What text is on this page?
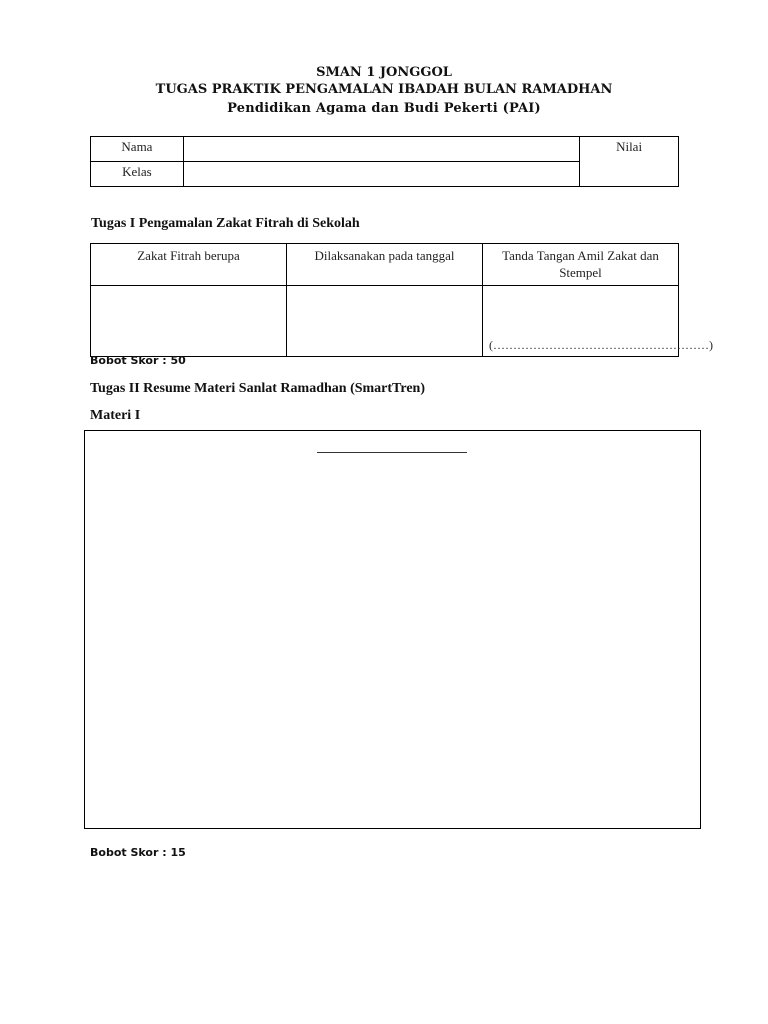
SMAN 1 JONGGOL
TUGAS PRAKTIK PENGAMALAN IBADAH BULAN RAMADHAN
Pendidikan Agama dan Budi Pekerti (PAI)
Nama		Nilai
Kelas		
Tugas I Pengamalan Zakat Fitrah di Sekolah
Zakat Fitrah berupa	Dilaksanakan pada tanggal	Tanda Tangan Amil Zakat dan Stempel

		(………………………………………………)
Bobot Skor : 50
Tugas II Resume Materi Sanlat Ramadhan (SmartTren)
Materi I
Bobot Skor : 15
